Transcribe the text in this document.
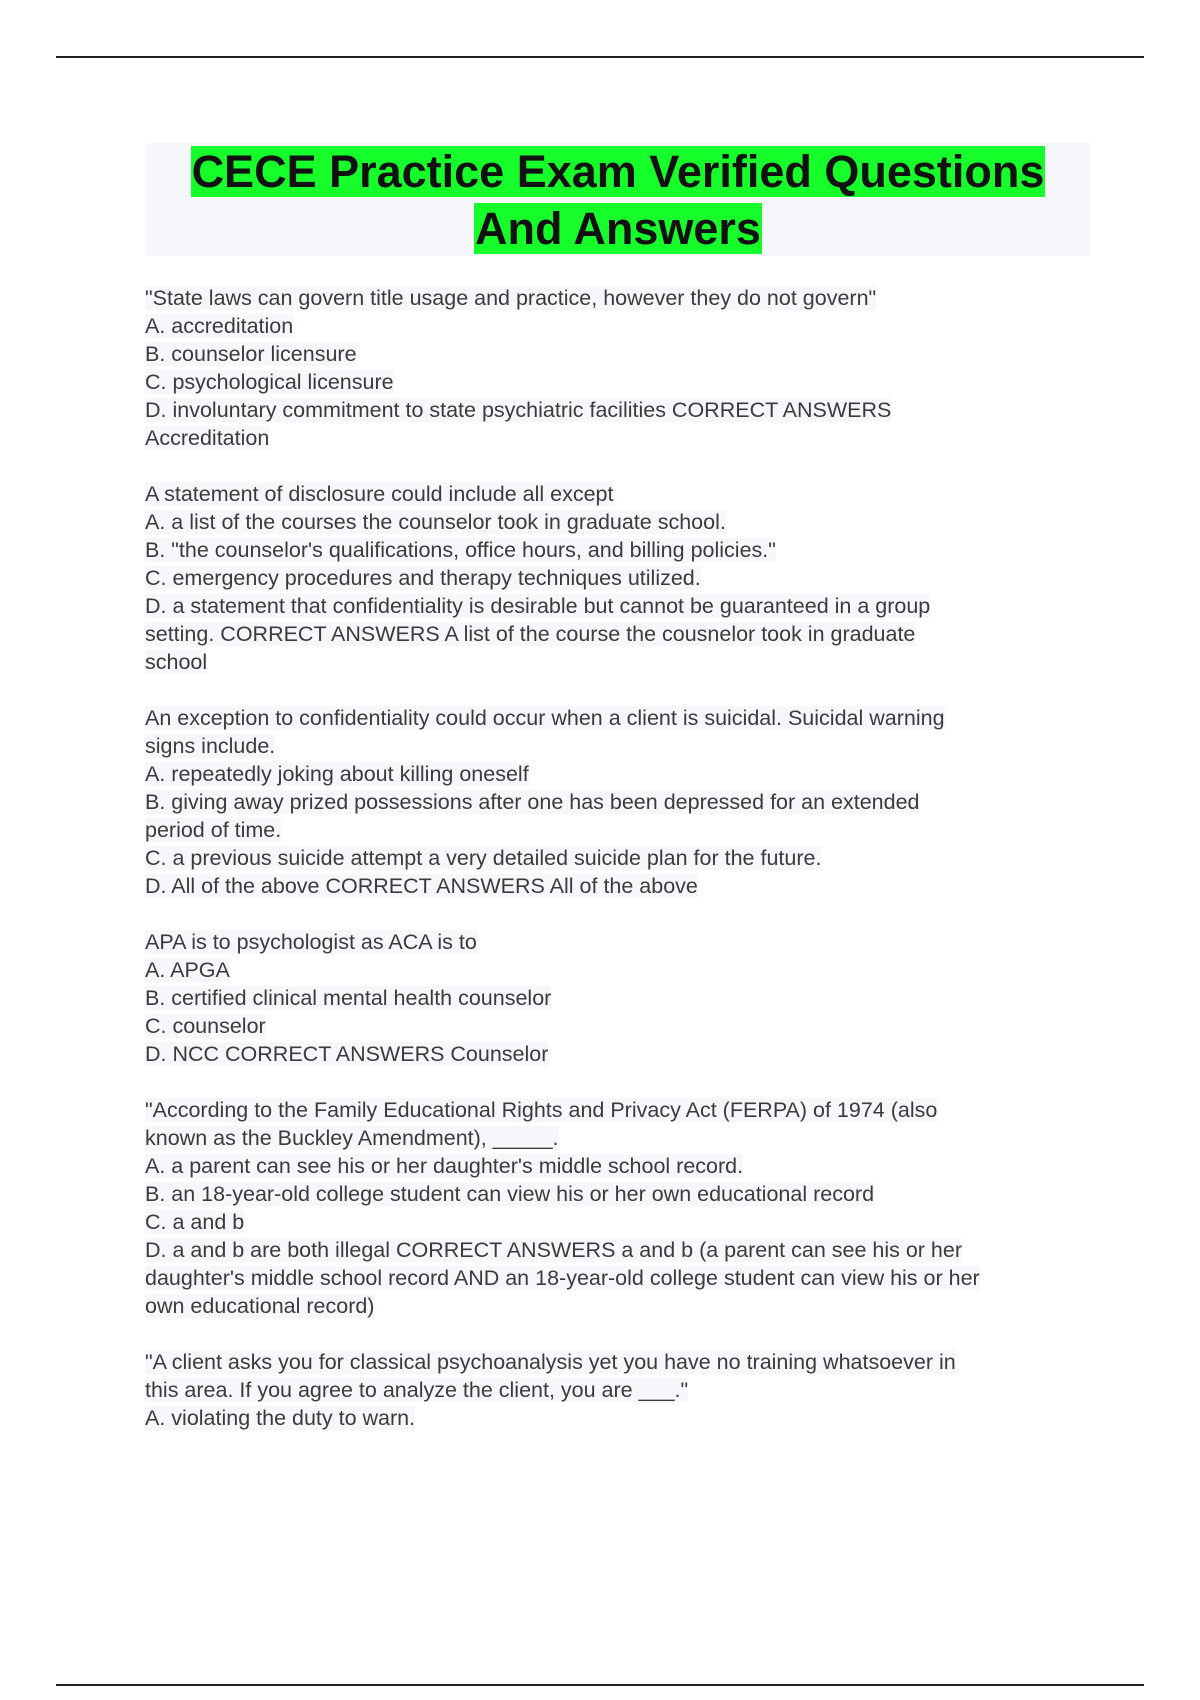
CECE Practice Exam Verified Questions
And Answers
"State laws can govern title usage and practice, however they do not govern"
A. accreditation
B. counselor licensure
C. psychological licensure
D. involuntary commitment to state psychiatric facilities CORRECT ANSWERS
Accreditation
A statement of disclosure could include all except
A. a list of the courses the counselor took in graduate school.
B. "the counselor's qualifications, office hours, and billing policies."
C. emergency procedures and therapy techniques utilized.
D. a statement that confidentiality is desirable but cannot be guaranteed in a group
setting. CORRECT ANSWERS A list of the course the cousnelor took in graduate
school
An exception to confidentiality could occur when a client is suicidal. Suicidal warning
signs include.
A. repeatedly joking about killing oneself
B. giving away prized possessions after one has been depressed for an extended
period of time.
C. a previous suicide attempt a very detailed suicide plan for the future.
D. All of the above CORRECT ANSWERS All of the above
APA is to psychologist as ACA is to
A. APGA
B. certified clinical mental health counselor
C. counselor
D. NCC CORRECT ANSWERS Counselor
"According to the Family Educational Rights and Privacy Act (FERPA) of 1974 (also
known as the Buckley Amendment), _____.
A. a parent can see his or her daughter's middle school record.
B. an 18-year-old college student can view his or her own educational record
C. a and b
D. a and b are both illegal CORRECT ANSWERS a and b (a parent can see his or her
daughter's middle school record AND an 18-year-old college student can view his or her
own educational record)
"A client asks you for classical psychoanalysis yet you have no training whatsoever in
this area. If you agree to analyze the client, you are ___."
A. violating the duty to warn.
